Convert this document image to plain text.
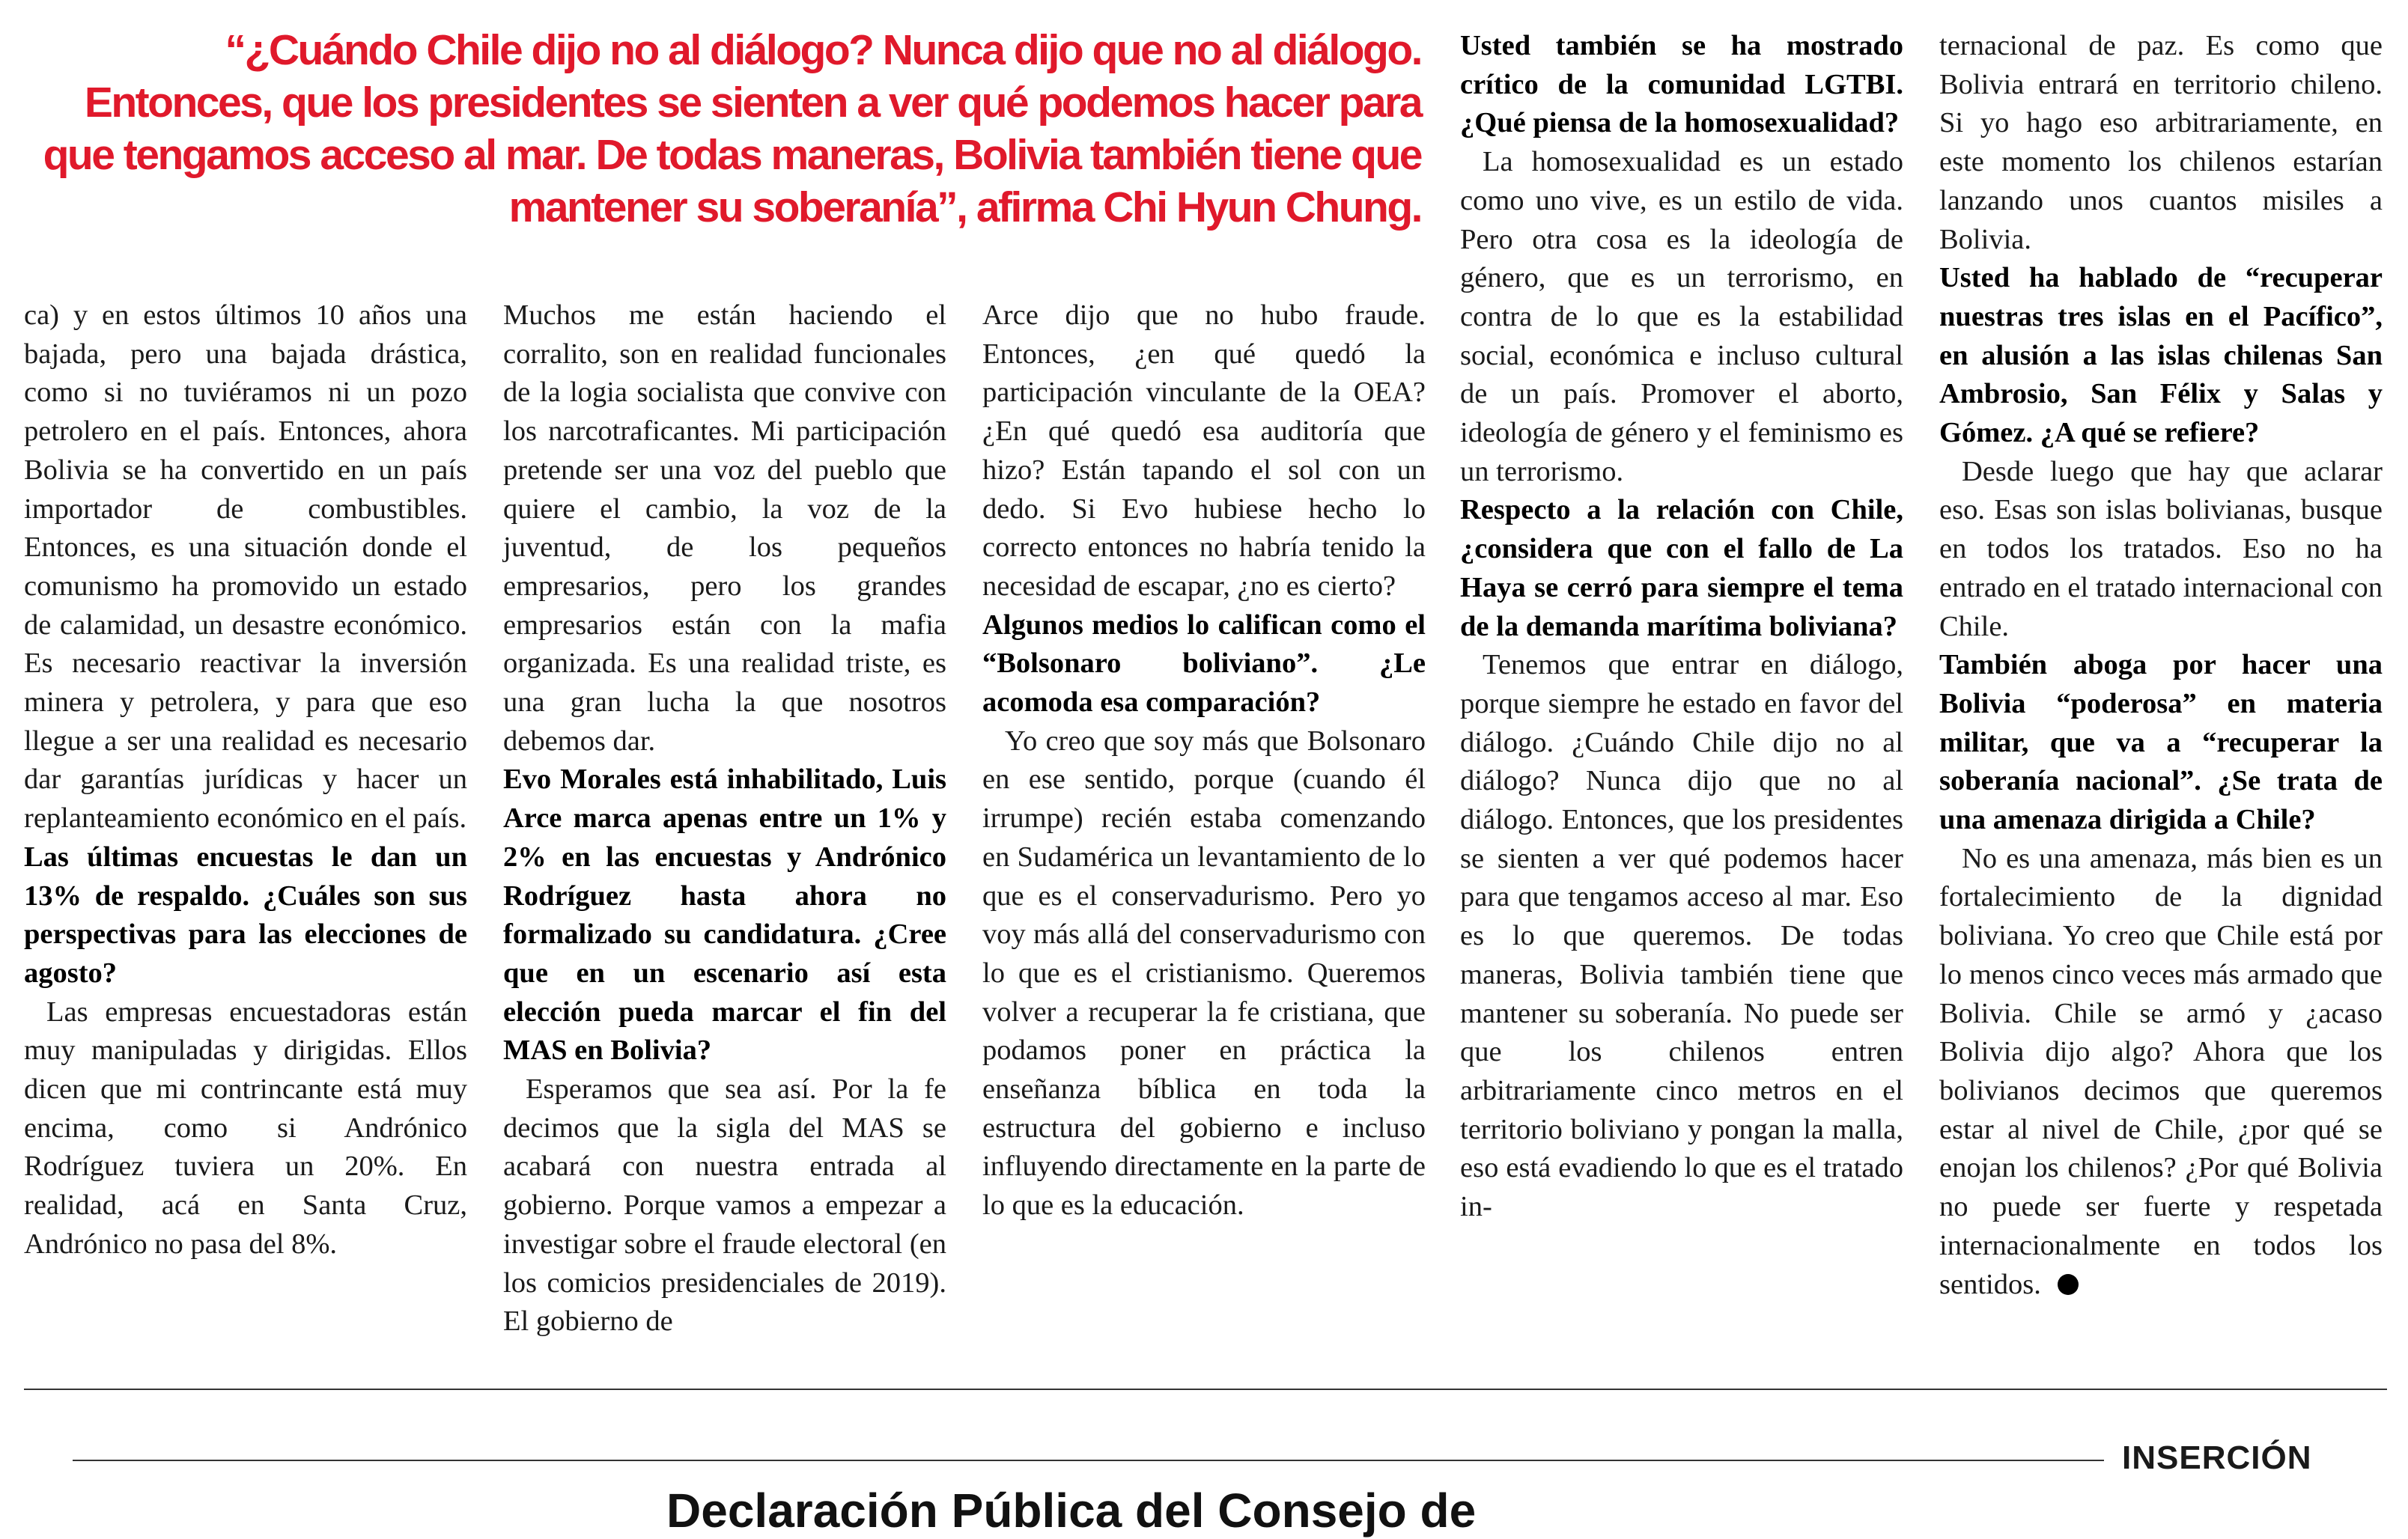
“¿Cuándo Chile dijo no al diálogo? Nunca dijo que no al diálogo. Entonces, que los presidentes se sienten a ver qué podemos hacer para que tengamos acceso al mar. De todas maneras, Bolivia también tiene que mantener su soberanía”, afirma Chi Hyun Chung.

ca) y en estos últimos 10 años una bajada, pero una bajada drástica, como si no tuviéramos ni un pozo petrolero en el país. Entonces, ahora Bolivia se ha convertido en un país importador de combustibles. Entonces, es una situación donde el comunismo ha promovido un estado de calamidad, un desastre económico. Es necesario reactivar la inversión minera y petrolera, y para que eso llegue a ser una realidad es necesario dar garantías jurídicas y hacer un replanteamiento económico en el país.

Las últimas encuestas le dan un 13% de respaldo. ¿Cuáles son sus perspectivas para las elecciones de agosto?

Las empresas encuestadoras están muy manipuladas y dirigidas. Ellos dicen que mi contrincante está muy encima, como si Andrónico Rodríguez tuviera un 20%. En realidad, acá en Santa Cruz, Andrónico no pasa del 8%.

Muchos me están haciendo el corralito, son en realidad funcionales de la logia socialista que convive con los narcotraficantes. Mi participación pretende ser una voz del pueblo que quiere el cambio, la voz de la juventud, de los pequeños empresarios, pero los grandes empresarios están con la mafia organizada. Es una realidad triste, es una gran lucha la que nosotros debemos dar.

Evo Morales está inhabilitado, Luis Arce marca apenas entre un 1% y 2% en las encuestas y Andrónico Rodríguez hasta ahora no formalizado su candidatura. ¿Cree que en un escenario así esta elección pueda marcar el fin del MAS en Bolivia?

Esperamos que sea así. Por la fe decimos que la sigla del MAS se acabará con nuestra entrada al gobierno. Porque vamos a empezar a investigar sobre el fraude electoral (en los comicios presidenciales de 2019). El gobierno de

Arce dijo que no hubo fraude. Entonces, ¿en qué quedó la participación vinculante de la OEA? ¿En qué quedó esa auditoría que hizo? Están tapando el sol con un dedo. Si Evo hubiese hecho lo correcto entonces no habría tenido la necesidad de escapar, ¿no es cierto?

Algunos medios lo califican como el “Bolsonaro boliviano”. ¿Le acomoda esa comparación?

Yo creo que soy más que Bolsonaro en ese sentido, porque (cuando él irrumpe) recién estaba comenzando en Sudamérica un levantamiento de lo que es el conservadurismo. Pero yo voy más allá del conservadurismo con lo que es el cristianismo. Queremos volver a recuperar la fe cristiana, que podamos poner en práctica la enseñanza bíblica en toda la estructura del gobierno e incluso influyendo directamente en la parte de lo que es la educación.

Usted también se ha mostrado crítico de la comunidad LGTBI. ¿Qué piensa de la homosexualidad?

La homosexualidad es un estado como uno vive, es un estilo de vida. Pero otra cosa es la ideología de género, que es un terrorismo, en contra de lo que es la estabilidad social, económica e incluso cultural de un país. Promover el aborto, ideología de género y el feminismo es un terrorismo.

Respecto a la relación con Chile, ¿considera que con el fallo de La Haya se cerró para siempre el tema de la demanda marítima boliviana?

Tenemos que entrar en diálogo, porque siempre he estado en favor del diálogo. ¿Cuándo Chile dijo no al diálogo? Nunca dijo que no al diálogo. Entonces, que los presidentes se sienten a ver qué podemos hacer para que tengamos acceso al mar. Eso es lo que queremos. De todas maneras, Bolivia también tiene que mantener su soberanía. No puede ser que los chilenos entren arbitrariamente cinco metros en el territorio boliviano y pongan la malla, eso está evadiendo lo que es el tratado in-

ternacional de paz. Es como que Bolivia entrará en territorio chileno. Si yo hago eso arbitrariamente, en este momento los chilenos estarían lanzando unos cuantos misiles a Bolivia.

Usted ha hablado de “recuperar nuestras tres islas en el Pacífico”, en alusión a las islas chilenas San Ambrosio, San Félix y Salas y Gómez. ¿A qué se refiere?

Desde luego que hay que aclarar eso. Esas son islas bolivianas, busque en todos los tratados. Eso no ha entrado en el tratado internacional con Chile.

También aboga por hacer una Bolivia “poderosa” en materia militar, que va a “recuperar la soberanía nacional”. ¿Se trata de una amenaza dirigida a Chile?

No es una amenaza, más bien es un fortalecimiento de la dignidad boliviana. Yo creo que Chile está por lo menos cinco veces más armado que Bolivia. Chile se armó y ¿acaso Bolivia dijo algo? Ahora que los bolivianos decimos que queremos estar al nivel de Chile, ¿por qué se enojan los chilenos? ¿Por qué Bolivia no puede ser fuerte y respetada internacionalmente en todos los sentidos.

INSERCIÓN
Declaración Pública del Consejo de
